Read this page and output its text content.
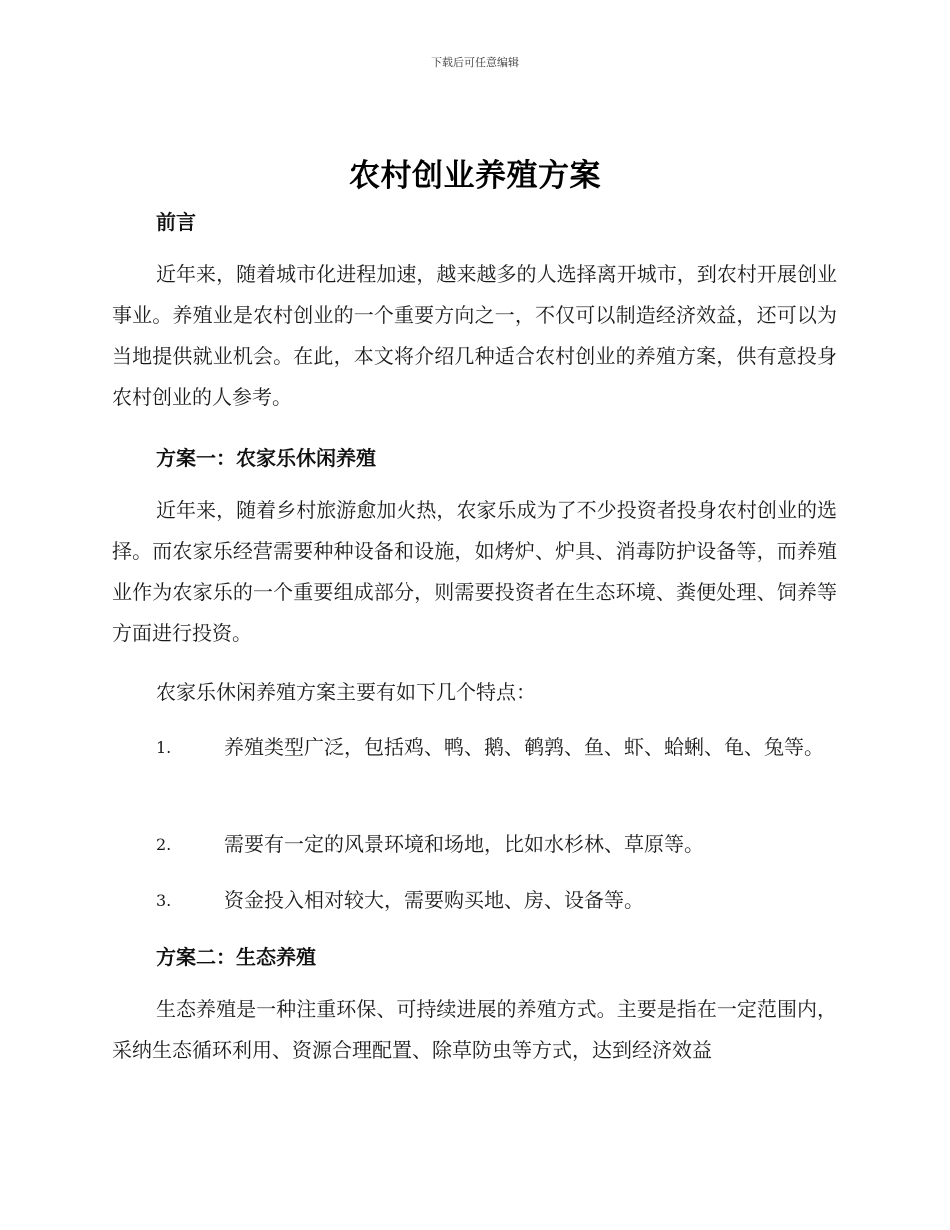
下载后可任意编辑
农村创业养殖方案
前言

近年来，随着城市化进程加速，越来越多的人选择离开城市，到农村开展创业事业。养殖业是农村创业的一个重要方向之一，不仅可以制造经济效益，还可以为当地提供就业机会。在此，本文将介绍几种适合农村创业的养殖方案，供有意投身农村创业的人参考。

方案一：农家乐休闲养殖

近年来，随着乡村旅游愈加火热，农家乐成为了不少投资者投身农村创业的选择。而农家乐经营需要种种设备和设施，如烤炉、炉具、消毒防护设备等，而养殖业作为农家乐的一个重要组成部分，则需要投资者在生态环境、粪便处理、饲养等方面进行投资。

农家乐休闲养殖方案主要有如下几个特点：

1.	养殖类型广泛，包括鸡、鸭、鹅、鹌鹑、鱼、虾、蛤蜊、龟、兔等。
2.	需要有一定的风景环境和场地，比如水杉林、草原等。
3.	资金投入相对较大，需要购买地、房、设备等。
方案二：生态养殖

生态养殖是一种注重环保、可持续进展的养殖方式。主要是指在一定范围内，采纳生态循环利用、资源合理配置、除草防虫等方式，达到经济效益
